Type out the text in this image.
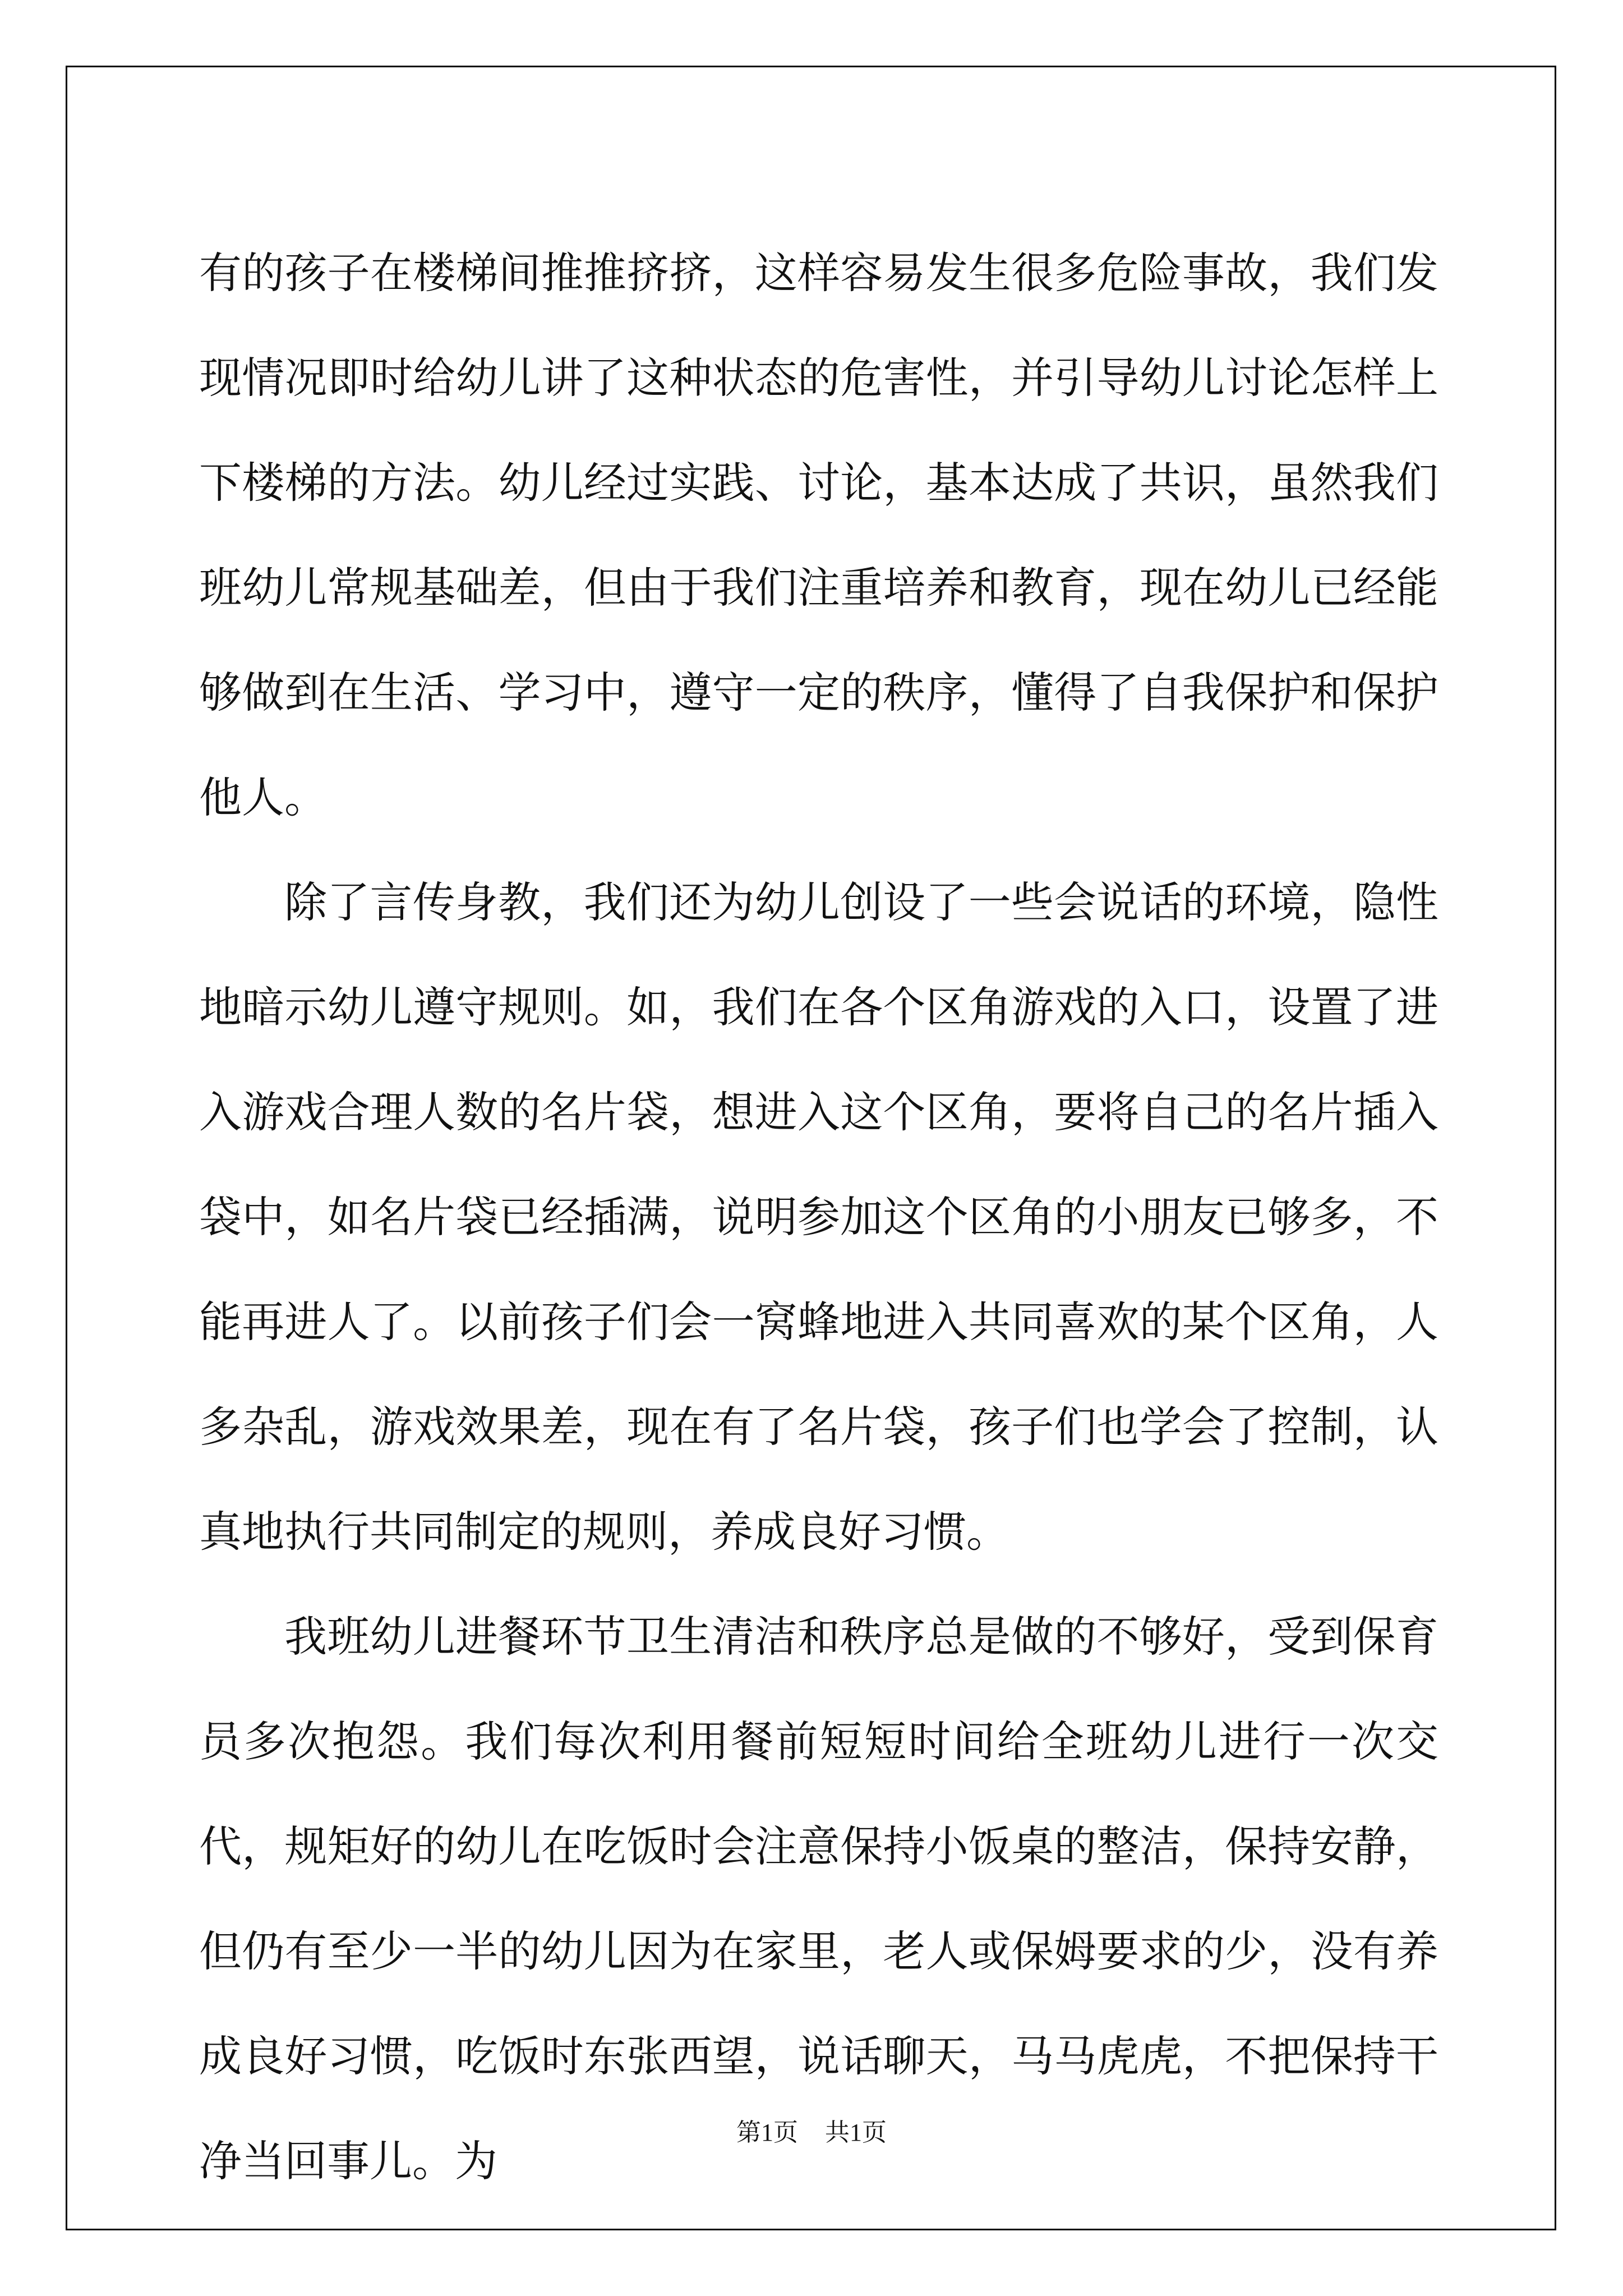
有的孩子在楼梯间推推挤挤，这样容易发生很多危险事故，我们发现情况即时给幼儿讲了这种状态的危害性，并引导幼儿讨论怎样上下楼梯的方法。幼儿经过实践、讨论，基本达成了共识，虽然我们班幼儿常规基础差，但由于我们注重培养和教育，现在幼儿已经能够做到在生活、学习中，遵守一定的秩序，懂得了自我保护和保护他人。

除了言传身教，我们还为幼儿创设了一些会说话的环境，隐性地暗示幼儿遵守规则。如，我们在各个区角游戏的入口，设置了进入游戏合理人数的名片袋，想进入这个区角，要将自己的名片插入袋中，如名片袋已经插满，说明参加这个区角的小朋友已够多，不能再进人了。以前孩子们会一窝蜂地进入共同喜欢的某个区角，人多杂乱，游戏效果差，现在有了名片袋，孩子们也学会了控制，认真地执行共同制定的规则，养成良好习惯。

我班幼儿进餐环节卫生清洁和秩序总是做的不够好，受到保育员多次抱怨。我们每次利用餐前短短时间给全班幼儿进行一次交代，规矩好的幼儿在吃饭时会注意保持小饭桌的整洁，保持安静，但仍有至少一半的幼儿因为在家里，老人或保姆要求的少，没有养成良好习惯，吃饭时东张西望，说话聊天，马马虎虎，不把保持干净当回事儿。为

第1页 共1页
